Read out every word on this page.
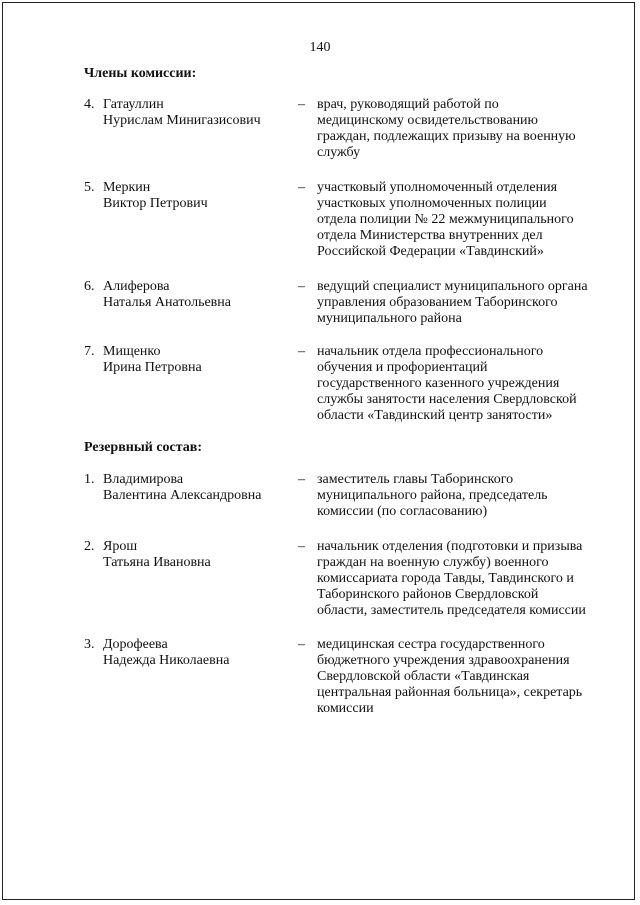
140
Члены комиссии:
4. Гатауллин
Нурислам Минигазисович
– врач, руководящий работой по
медицинскому освидетельствованию
граждан, подлежащих призыву на военную
службу
5. Меркин
Виктор Петрович
– участковый уполномоченный отделения
участковых уполномоченных полиции
отдела полиции № 22 межмуниципального
отдела Министерства внутренних дел
Российской Федерации «Тавдинский»
6. Алиферова
Наталья Анатольевна
– ведущий специалист муниципального органа
управления образованием Таборинского
муниципального района
7. Мищенко
Ирина Петровна
– начальник отдела профессионального
обучения и профориентаций
государственного казенного учреждения
службы занятости населения Свердловской
области «Тавдинский центр занятости»
Резервный состав:
1. Владимирова
Валентина Александровна
– заместитель главы Таборинского
муниципального района, председатель
комиссии (по согласованию)
2. Ярош
Татьяна Ивановна
– начальник отделения (подготовки и призыва
граждан на военную службу) военного
комиссариата города Тавды, Тавдинского и
Таборинского районов Свердловской
области, заместитель председателя комиссии
3. Дорофеева
Надежда Николаевна
– медицинская сестра государственного
бюджетного учреждения здравоохранения
Свердловской области «Тавдинская
центральная районная больница», секретарь
комиссии
